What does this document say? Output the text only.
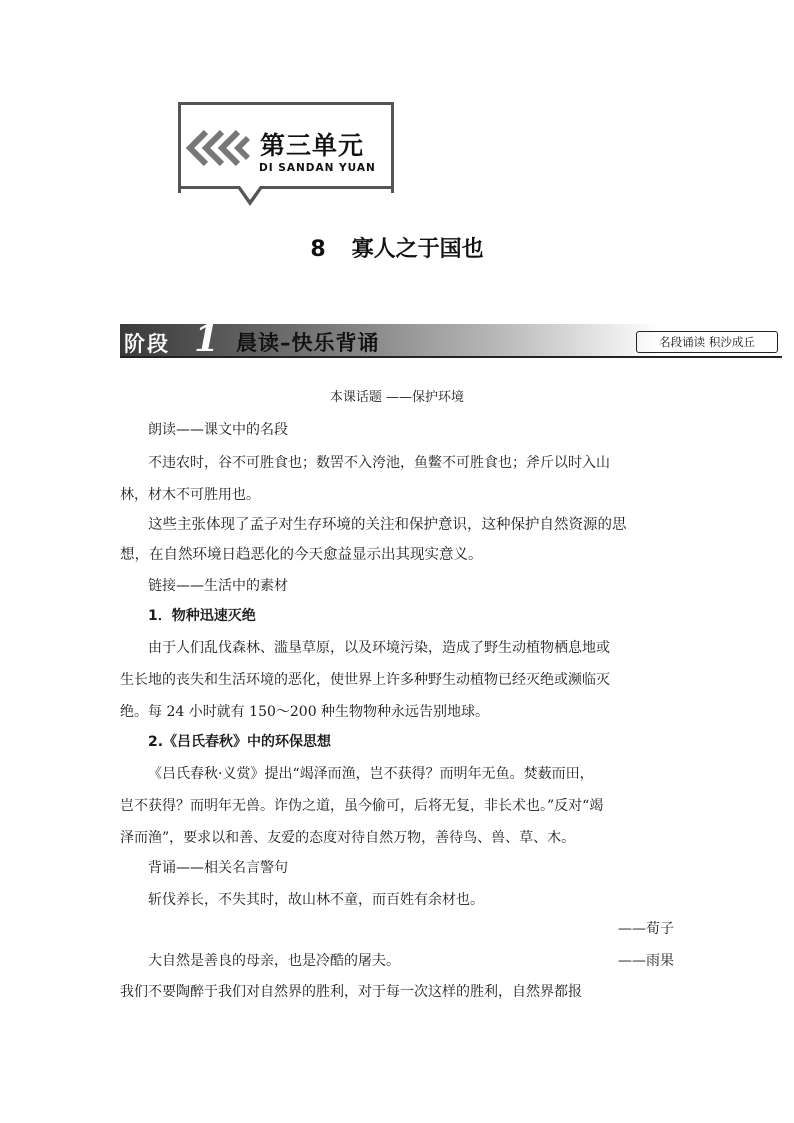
第三单元
DI SANDAN YUAN
8 寡人之于国也
阶段 1 晨读–快乐背诵	名段诵读 积沙成丘
本课话题 ——保护环境
朗读——课文中的名段
不违农时，谷不可胜食也；数罟不入洿池，鱼鳖不可胜食也；斧斤以时入山
林，材木不可胜用也。
这些主张体现了孟子对生存环境的关注和保护意识，这种保护自然资源的思
想，在自然环境日趋恶化的今天愈益显示出其现实意义。
链接——生活中的素材
1．物种迅速灭绝
由于人们乱伐森林、滥垦草原，以及环境污染，造成了野生动植物栖息地或
生长地的丧失和生活环境的恶化，使世界上许多种野生动植物已经灭绝或濒临灭
绝。每 24 小时就有 150～200 种生物物种永远告别地球。
2.《吕氏春秋》中的环保思想
《吕氏春秋·义赏》提出“竭泽而渔，岂不获得？而明年无鱼。焚薮而田，
岂不获得？而明年无兽。诈伪之道，虽今偷可，后将无复，非长术也。”反对“竭
泽而渔”，要求以和善、友爱的态度对待自然万物，善待鸟、兽、草、木。
背诵——相关名言警句
斩伐养长，不失其时，故山林不童，而百姓有余材也。
——荀子
大自然是善良的母亲，也是冷酷的屠夫。	——雨果
我们不要陶醉于我们对自然界的胜利，对于每一次这样的胜利，自然界都报
